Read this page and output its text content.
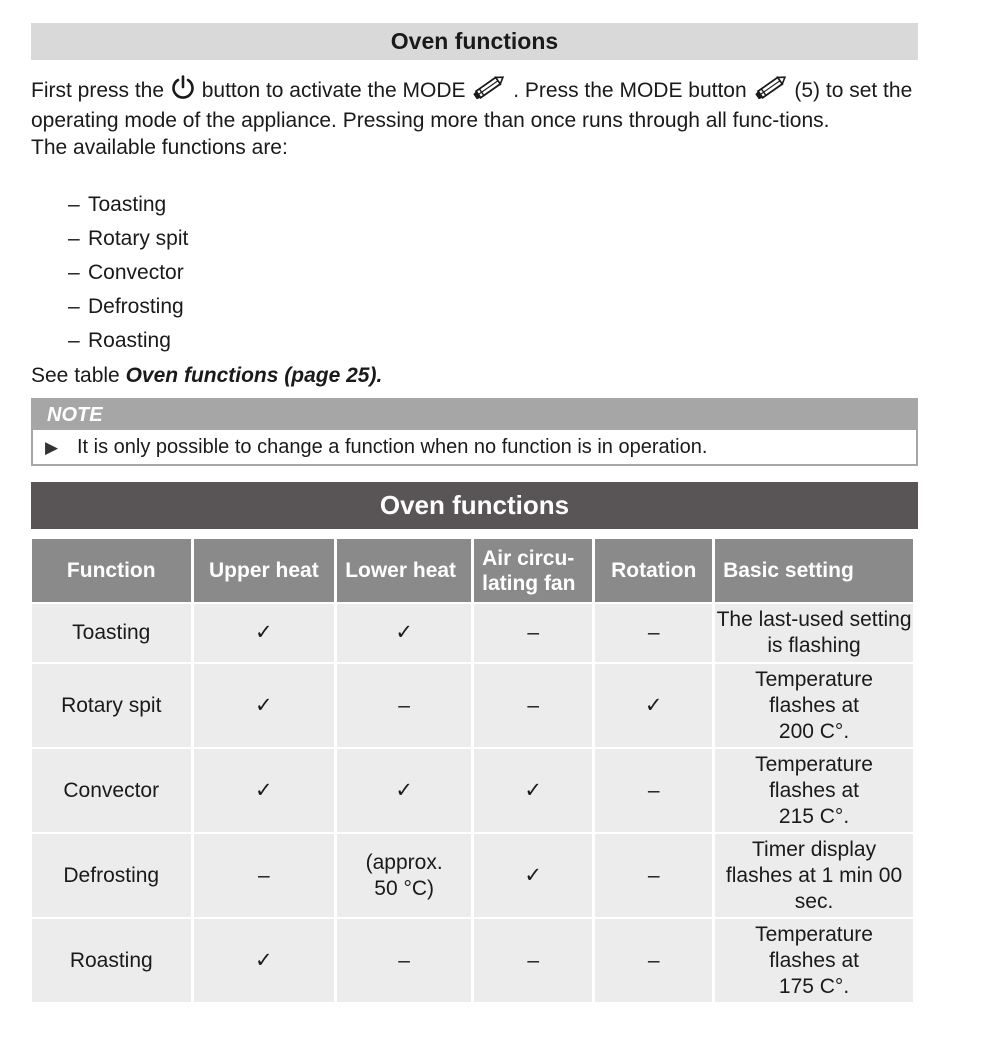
Oven functions
First press the button to activate the MODE . Press the MODE button (5) to set the operating mode of the appliance. Pressing more than once runs through all func-tions.
The available functions are:
– Toasting
– Rotary spit
– Convector
– Defrosting
– Roasting
See table Oven functions (page 25).
NOTE
▶ It is only possible to change a function when no function is in operation.
Oven functions
Function	Upper heat	Lower heat	Air circu-lating fan	Rotation	Basic setting
Toasting	✓	✓	–	–	The last-used setting is flashing
Rotary spit	✓	–	–	✓	Temperature flashes at 200 C°.
Convector	✓	✓	✓	–	Temperature flashes at 215 C°.
Defrosting	–	(approx. 50 °C)	✓	–	Timer display flashes at 1 min 00 sec.
Roasting	✓	–	–	–	Temperature flashes at 175 C°.
